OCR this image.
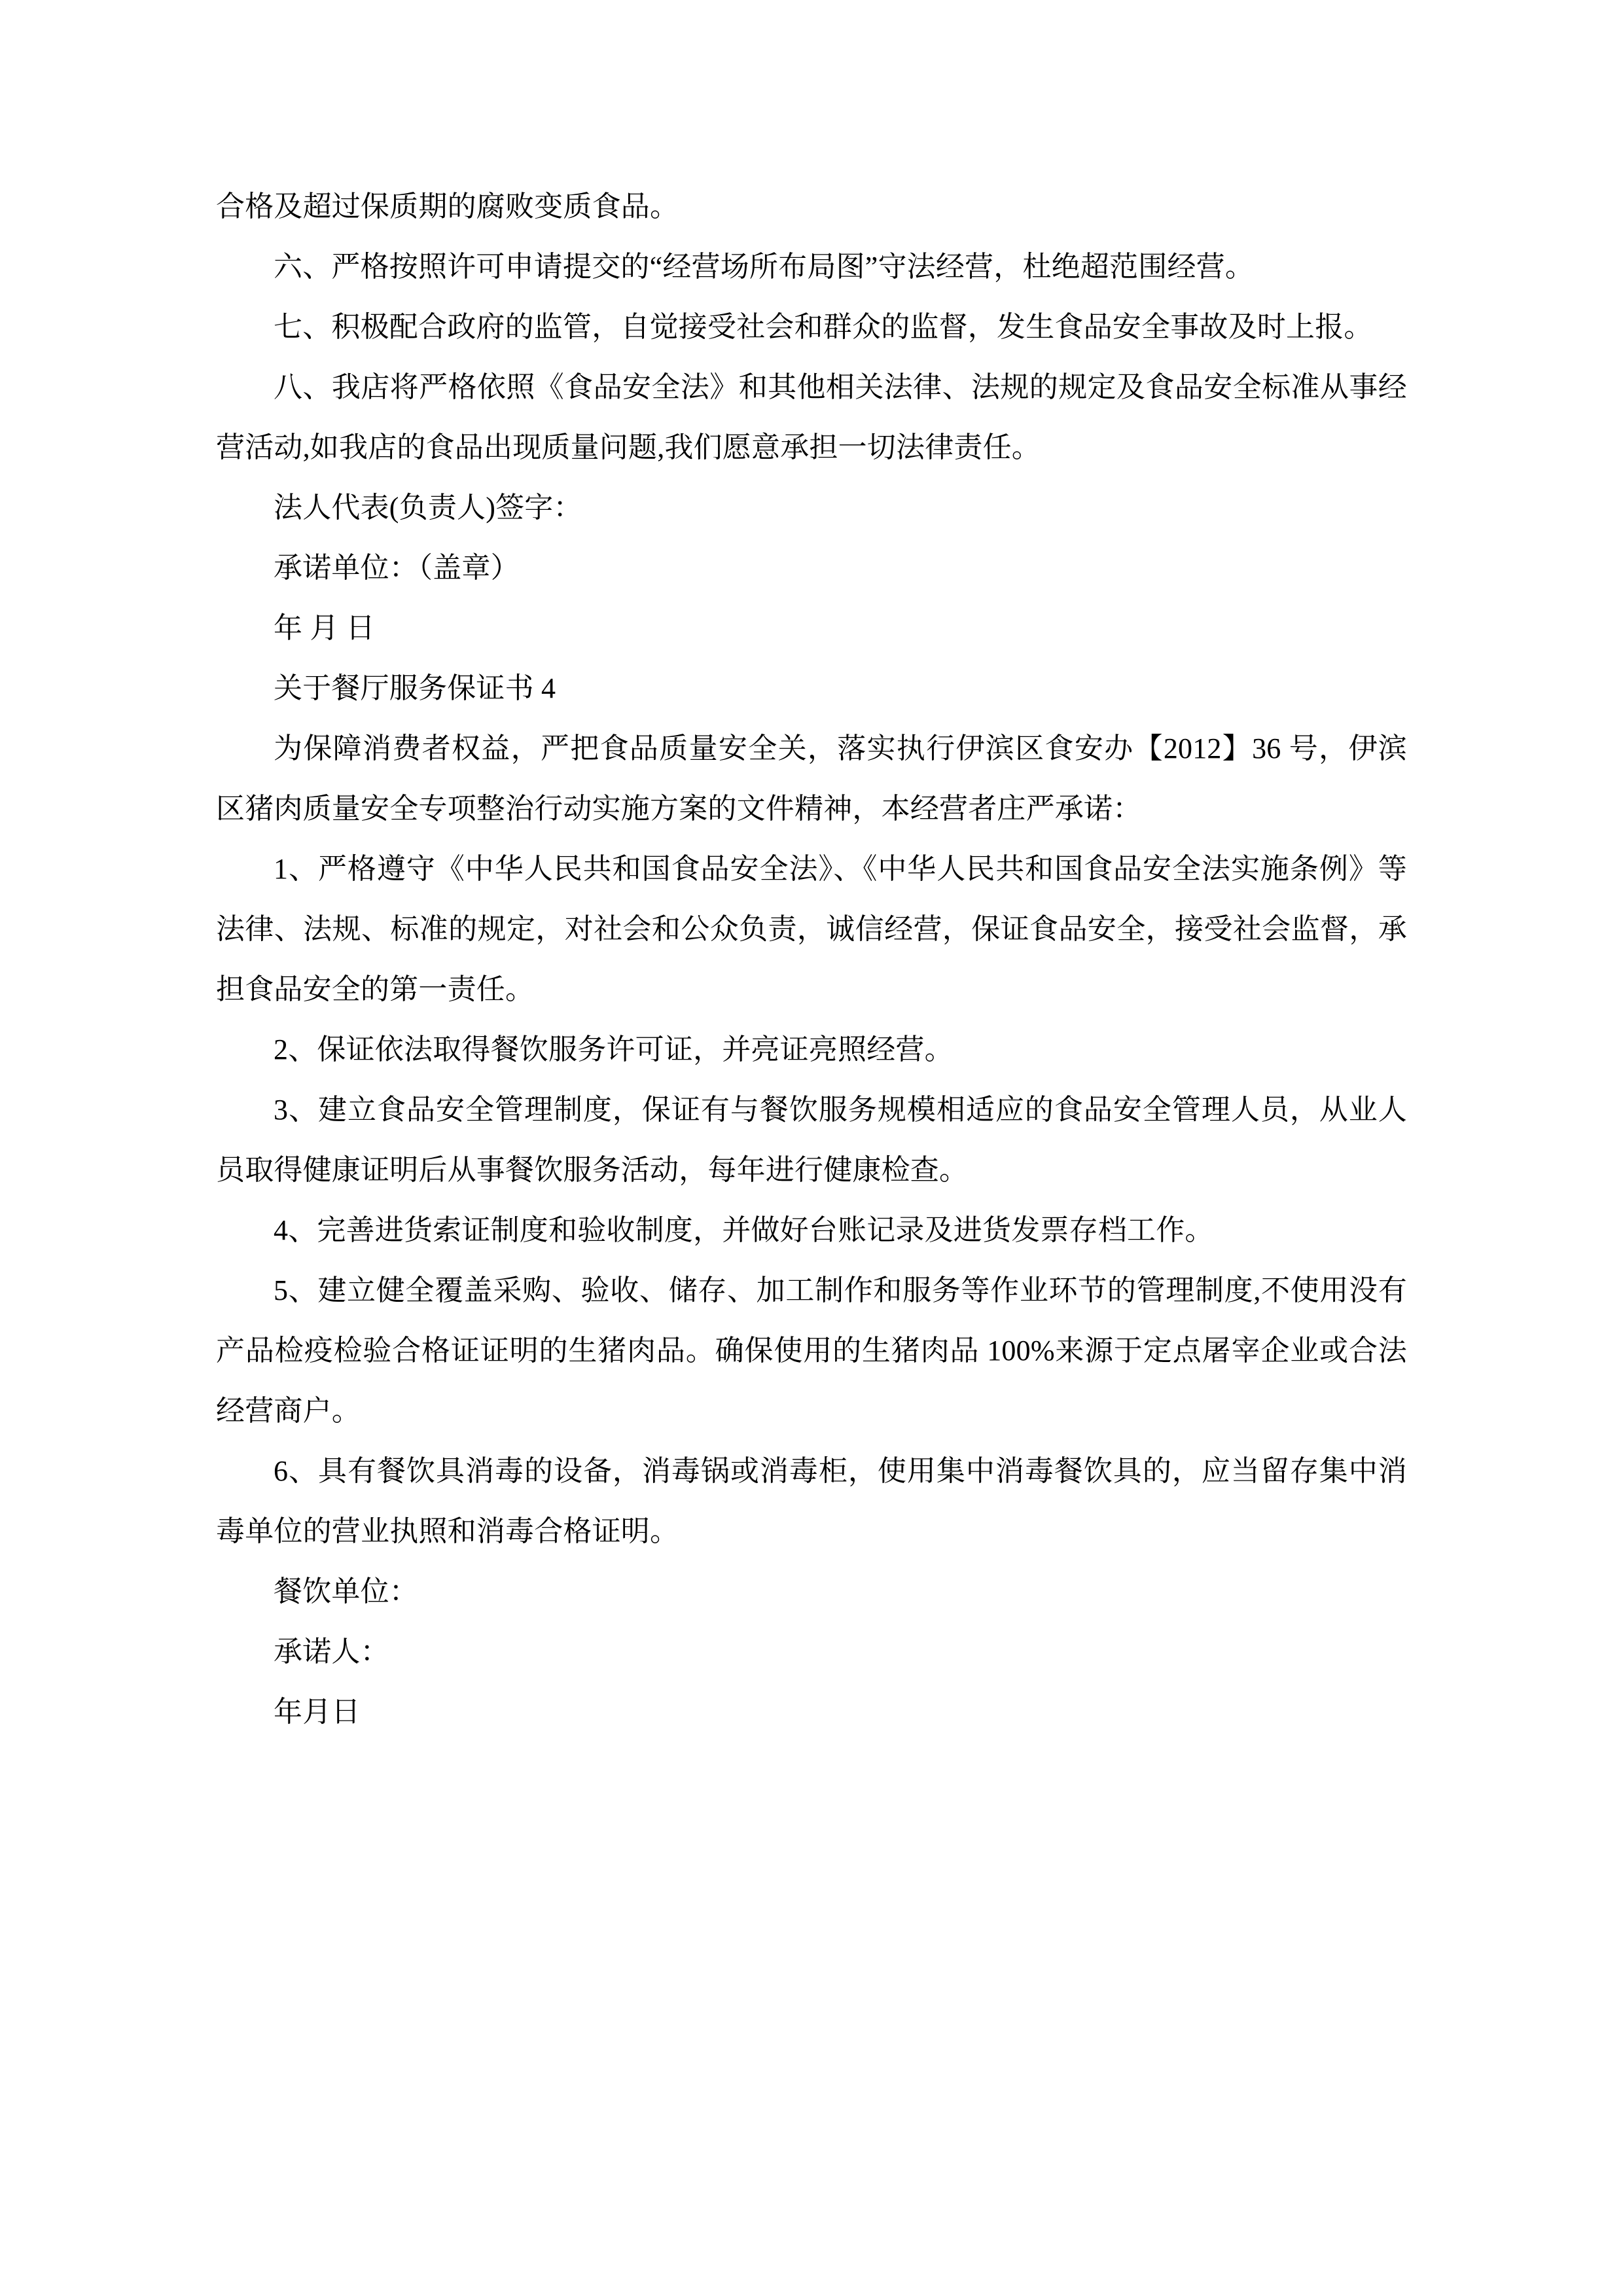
合格及超过保质期的腐败变质食品。

六、严格按照许可申请提交的“经营场所布局图”守法经营，杜绝超范围经营。

七、积极配合政府的监管，自觉接受社会和群众的监督，发生食品安全事故及时上报。

八、我店将严格依照《食品安全法》和其他相关法律、法规的规定及食品安全标准从事经营活动,如我店的食品出现质量问题,我们愿意承担一切法律责任。

法人代表(负责人)签字：

承诺单位：（盖章）

年 月 日

关于餐厅服务保证书 4

为保障消费者权益，严把食品质量安全关，落实执行伊滨区食安办【2012】36 号，伊滨区猪肉质量安全专项整治行动实施方案的文件精神，本经营者庄严承诺：

1、严格遵守《中华人民共和国食品安全法》、《中华人民共和国食品安全法实施条例》等法律、法规、标准的规定，对社会和公众负责，诚信经营，保证食品安全，接受社会监督，承担食品安全的第一责任。

2、保证依法取得餐饮服务许可证，并亮证亮照经营。

3、建立食品安全管理制度，保证有与餐饮服务规模相适应的食品安全管理人员，从业人员取得健康证明后从事餐饮服务活动，每年进行健康检查。

4、完善进货索证制度和验收制度，并做好台账记录及进货发票存档工作。

5、建立健全覆盖采购、验收、储存、加工制作和服务等作业环节的管理制度,不使用没有产品检疫检验合格证证明的生猪肉品。确保使用的生猪肉品 100%来源于定点屠宰企业或合法经营商户。

6、具有餐饮具消毒的设备，消毒锅或消毒柜，使用集中消毒餐饮具的，应当留存集中消毒单位的营业执照和消毒合格证明。

餐饮单位：

承诺人：

年月日
